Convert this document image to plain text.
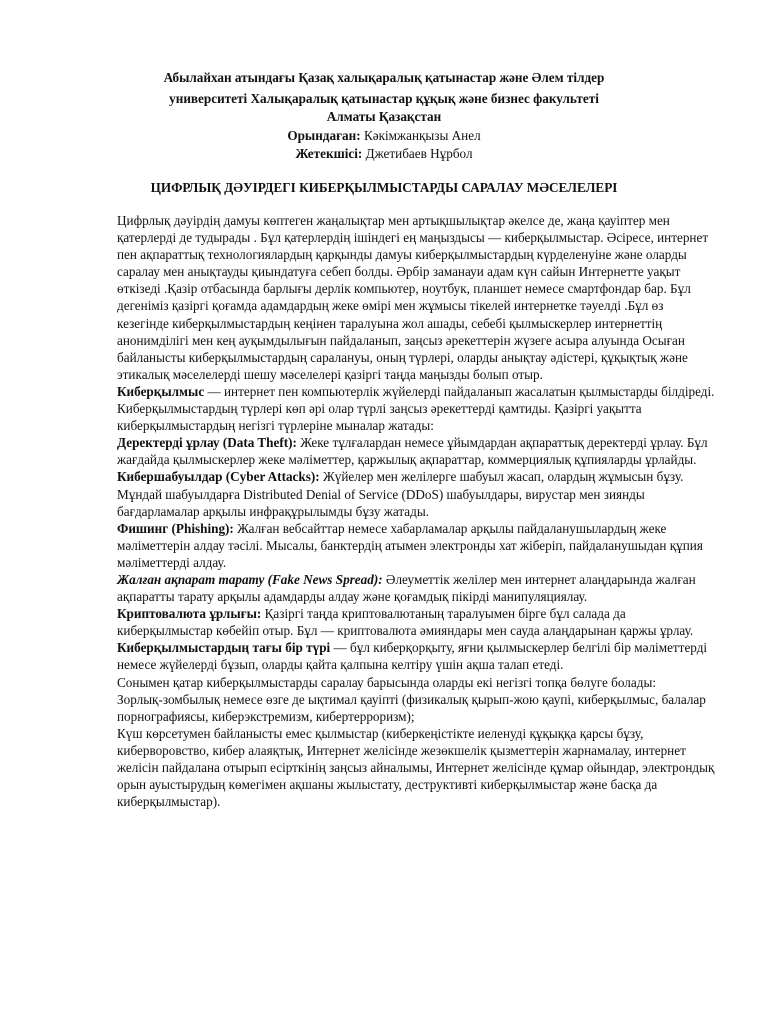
Абылайхан атындағы Қазақ халықаралық қатынастар және Әлем тілдер
университеті Халықаралық қатынастар құқық және бизнес факультеті
Алматы Қазақстан
Орындаған: Кәкімжанқызы Анел
Жетекшісі: Джетибаев Нұрбол
ЦИФРЛЫҚ ДӘУІРДЕГІ КИБЕРҚЫЛМЫСТАРДЫ САРАЛАУ МӘСЕЛЕЛЕРІ

Цифрлық дәуірдің дамуы көптеген жаңалықтар мен артықшылықтар әкелсе де, жаңа қауіптер мен қатерлерді де тудырады . Бұл қатерлердің ішіндегі ең маңыздысы — киберқылмыстар. Әсіресе, интернет пен ақпараттық технологиялардың қарқынды дамуы киберқылмыстардың күрделенуіне және оларды саралау мен анықтауды қиындатуға себеп болды. Әрбір заманауи адам күн сайын Интернетте уақыт өткізеді .Қазір отбасында барлығы дерлік компьютер, ноутбук, планшет немесе смартфондар бар. Бұл дегеніміз қазіргі қоғамда адамдардың жеке өмірі мен жұмысы тікелей интернетке тәуелді .Бұл өз кезегінде киберқылмыстардың кеңінен таралуына жол ашады, себебі қылмыскерлер интернеттің анонимділігі мен кең ауқымдылығын пайдаланып, заңсыз әрекеттерін жүзеге асыра алуында Осыған байланысты киберқылмыстардың саралануы, оның түрлері, оларды анықтау әдістері, құқықтық және этикалық мәселелерді шешу мәселелері қазіргі таңда маңызды болып отыр.

Киберқылмыс — интернет пен компьютерлік жүйелерді пайдаланып жасалатын қылмыстарды білдіреді. Киберқылмыстардың түрлері көп әрі олар түрлі заңсыз әрекеттерді қамтиды. Қазіргі уақытта киберқылмыстардың негізгі түрлеріне мыналар жатады:

Деректерді ұрлау (Data Theft): Жеке тұлғалардан немесе ұйымдардан ақпараттық деректерді ұрлау. Бұл жағдайда қылмыскерлер жеке мәліметтер, қаржылық ақпараттар, коммерциялық құпияларды ұрлайды.

Кибершабуылдар (Cyber Attacks): Жүйелер мен желілерге шабуыл жасап, олардың жұмысын бұзу. Мұндай шабуылдарға Distributed Denial of Service (DDoS) шабуылдары, вирустар мен зиянды бағдарламалар арқылы инфрақұрылымды бұзу жатады.

Фишинг (Phishing): Жалған вебсайттар немесе хабарламалар арқылы пайдаланушылардың жеке мәліметтерін алдау тәсілі. Мысалы, банктердің атымен электронды хат жіберіп, пайдаланушыдан құпия мәліметтерді алдау.

Жалған ақпарат тарату (Fake News Spread): Әлеуметтік желілер мен интернет алаңдарында жалған ақпаратты тарату арқылы адамдарды алдау және қоғамдық пікірді манипуляциялау.

Криптовалюта ұрлығы: Қазіргі таңда криптовалютаның таралуымен бірге бұл салада да киберқылмыстар көбейіп отыр. Бұл — криптовалюта әмияндары мен сауда алаңдарынан қаржы ұрлау.

Киберқылмыстардың тағы бір түрі — бұл киберқорқыту, яғни қылмыскерлер белгілі бір мәліметтерді немесе жүйелерді бұзып, оларды қайта қалпына келтіру үшін ақша талап етеді.

Сонымен қатар киберқылмыстарды саралау барысында оларды екі негізгі топқа бөлуге болады:

Зорлық-зомбылық немесе өзге де ықтимал қауіпті (физикалық қырып-жою қаупі, киберқылмыс, балалар порнографиясы, киберэкстремизм, кибертерроризм);

Күш көрсетумен байланысты емес қылмыстар (киберкеңістікте иеленуді құқыққа қарсы бұзу, киберворовство, кибер алаяқтық, Интернет желісінде жезөкшелік қызметтерін жарнамалау, интернет желісін пайдалана отырып есірткінің заңсыз айналымы, Интернет желісінде құмар ойындар, электрондық орын ауыстырудың көмегімен ақшаны жылыстату, деструктивті киберқылмыстар және басқа да киберқылмыстар).
